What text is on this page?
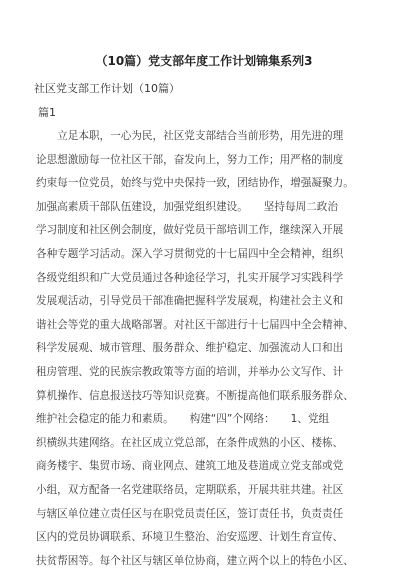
（10篇）党支部年度工作计划锦集系列3
社区党支部工作计划（10篇）
篇1
　　立足本职，一心为民，社区党支部结合当前形势，用先进的理
论思想激励每一位社区干部，奋发向上，努力工作；用严格的制度
约束每一位党员，始终与党中央保持一致，团结协作，增强凝聚力。
加强高素质干部队伍建设，加强党组织建设。　　坚持每周二政治
学习制度和社区例会制度，做好党员干部培训工作，继续深入开展
各种专题学习活动。深入学习贯彻党的十七届四中全会精神，组织
各级党组织和广大党员通过各种途径学习，扎实开展学习实践科学
发展观活动，引导党员干部准确把握科学发展观，构建社会主义和
谐社会等党的重大战略部署。对社区干部进行十七届四中全会精神、
科学发展观、城市管理、服务群众、维护稳定、加强流动人口和出
租房管理、党的民族宗教政策等方面的培训，并举办公文写作、计
算机操作、信息报送技巧等知识竞赛。不断提高他们联系服务群众、
维护社会稳定的能力和素质。　　构建“四”个网络：　　1、党组
织横纵共建网络。在社区成立党总部，在条件成熟的小区、楼栋、
商务楼宇、集贸市场、商业网点、建筑工地及巷道成立党支部或党
小组，双方配备一名党建联络员，定期联系，开展共驻共建。社区
与辖区单位建立责任区与在职党员责任区，签订责任书，负责责任
区内的党员协调联系、环境卫生整治、治安巡逻、计划生育宣传、
扶贫帮困等。每个社区与辖区单位协商，建立两个以上的特色小区、
